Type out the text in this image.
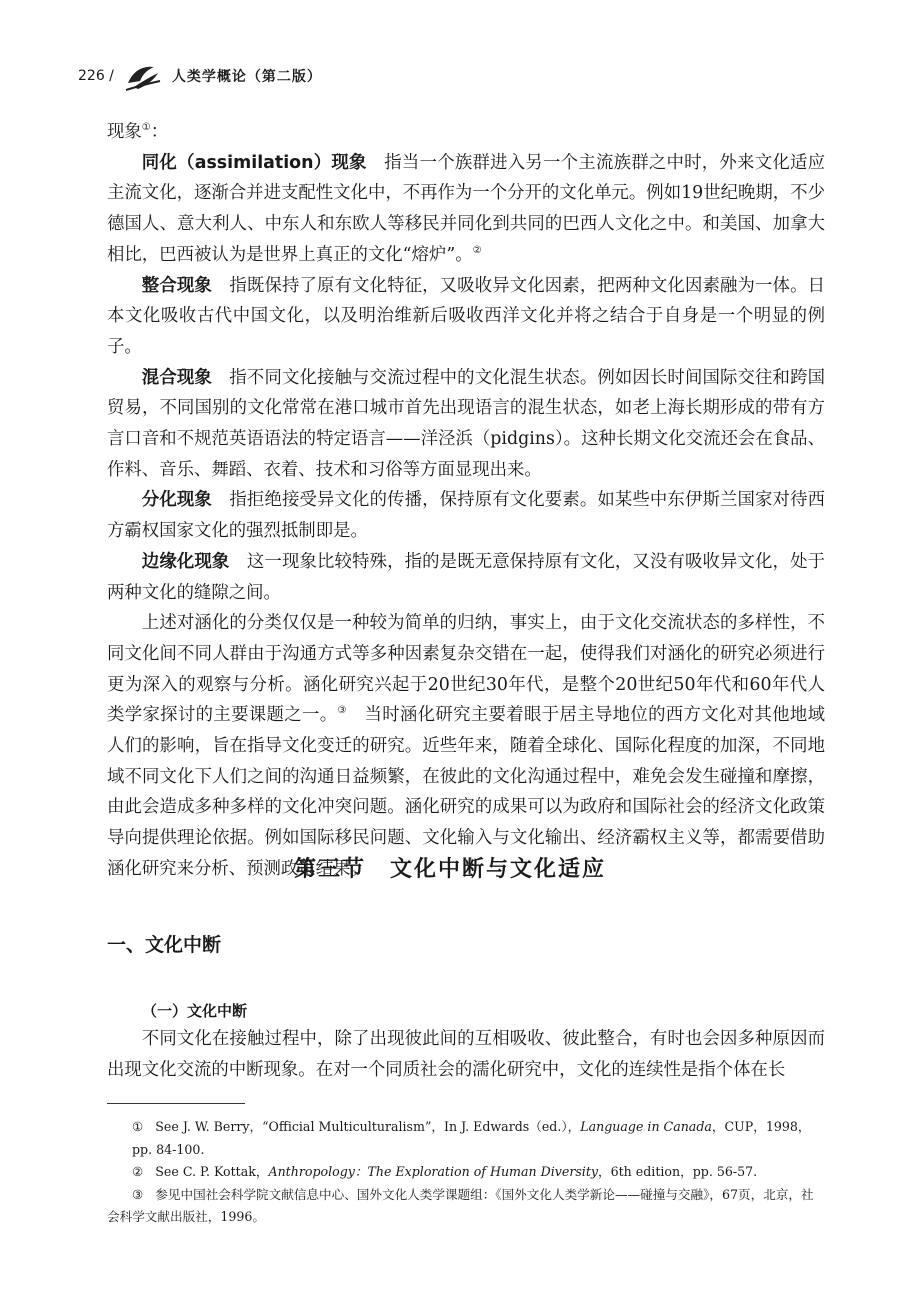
226 /	人类学概论（第二版）

现象①：

同化（assimilation）现象　指当一个族群进入另一个主流族群之中时，外来文化适应主流文化，逐渐合并进支配性文化中，不再作为一个分开的文化单元。例如19世纪晚期，不少德国人、意大利人、中东人和东欧人等移民并同化到共同的巴西人文化之中。和美国、加拿大相比，巴西被认为是世界上真正的文化“熔炉”。②

整合现象　指既保持了原有文化特征，又吸收异文化因素，把两种文化因素融为一体。日本文化吸收古代中国文化，以及明治维新后吸收西洋文化并将之结合于自身是一个明显的例子。

混合现象　指不同文化接触与交流过程中的文化混生状态。例如因长时间国际交往和跨国贸易，不同国别的文化常常在港口城市首先出现语言的混生状态，如老上海长期形成的带有方言口音和不规范英语语法的特定语言——洋泾浜（pidgins）。这种长期文化交流还会在食品、作料、音乐、舞蹈、衣着、技术和习俗等方面显现出来。

分化现象　指拒绝接受异文化的传播，保持原有文化要素。如某些中东伊斯兰国家对待西方霸权国家文化的强烈抵制即是。

边缘化现象　这一现象比较特殊，指的是既无意保持原有文化，又没有吸收异文化，处于两种文化的缝隙之间。

上述对涵化的分类仅仅是一种较为简单的归纳，事实上，由于文化交流状态的多样性，不同文化间不同人群由于沟通方式等多种因素复杂交错在一起，使得我们对涵化的研究必须进行更为深入的观察与分析。涵化研究兴起于20世纪30年代，是整个20世纪50年代和60年代人类学家探讨的主要课题之一。③　当时涵化研究主要着眼于居主导地位的西方文化对其他地域人们的影响，旨在指导文化变迁的研究。近些年来，随着全球化、国际化程度的加深，不同地域不同文化下人们之间的沟通日益频繁，在彼此的文化沟通过程中，难免会发生碰撞和摩擦，由此会造成多种多样的文化冲突问题。涵化研究的成果可以为政府和国际社会的经济文化政策导向提供理论依据。例如国际移民问题、文化输入与文化输出、经济霸权主义等，都需要借助涵化研究来分析、预测政策结果。

第三节　文化中断与文化适应
一、文化中断
（一）文化中断

不同文化在接触过程中，除了出现彼此间的互相吸收、彼此整合，有时也会因多种原因而出现文化交流的中断现象。在对一个同质社会的濡化研究中，文化的连续性是指个体在长

① See J. W. Berry，“Official Multiculturalism”，In J. Edwards（ed.），Language in Canada，CUP，1998，pp. 84-100.

② See C. P. Kottak，Anthropology：The Exploration of Human Diversity，6th edition，pp. 56-57.

③ 参见中国社会科学院文献信息中心、国外文化人类学课题组：《国外文化人类学新论——碰撞与交融》，67页，北京，社会科学文献出版社，1996。
